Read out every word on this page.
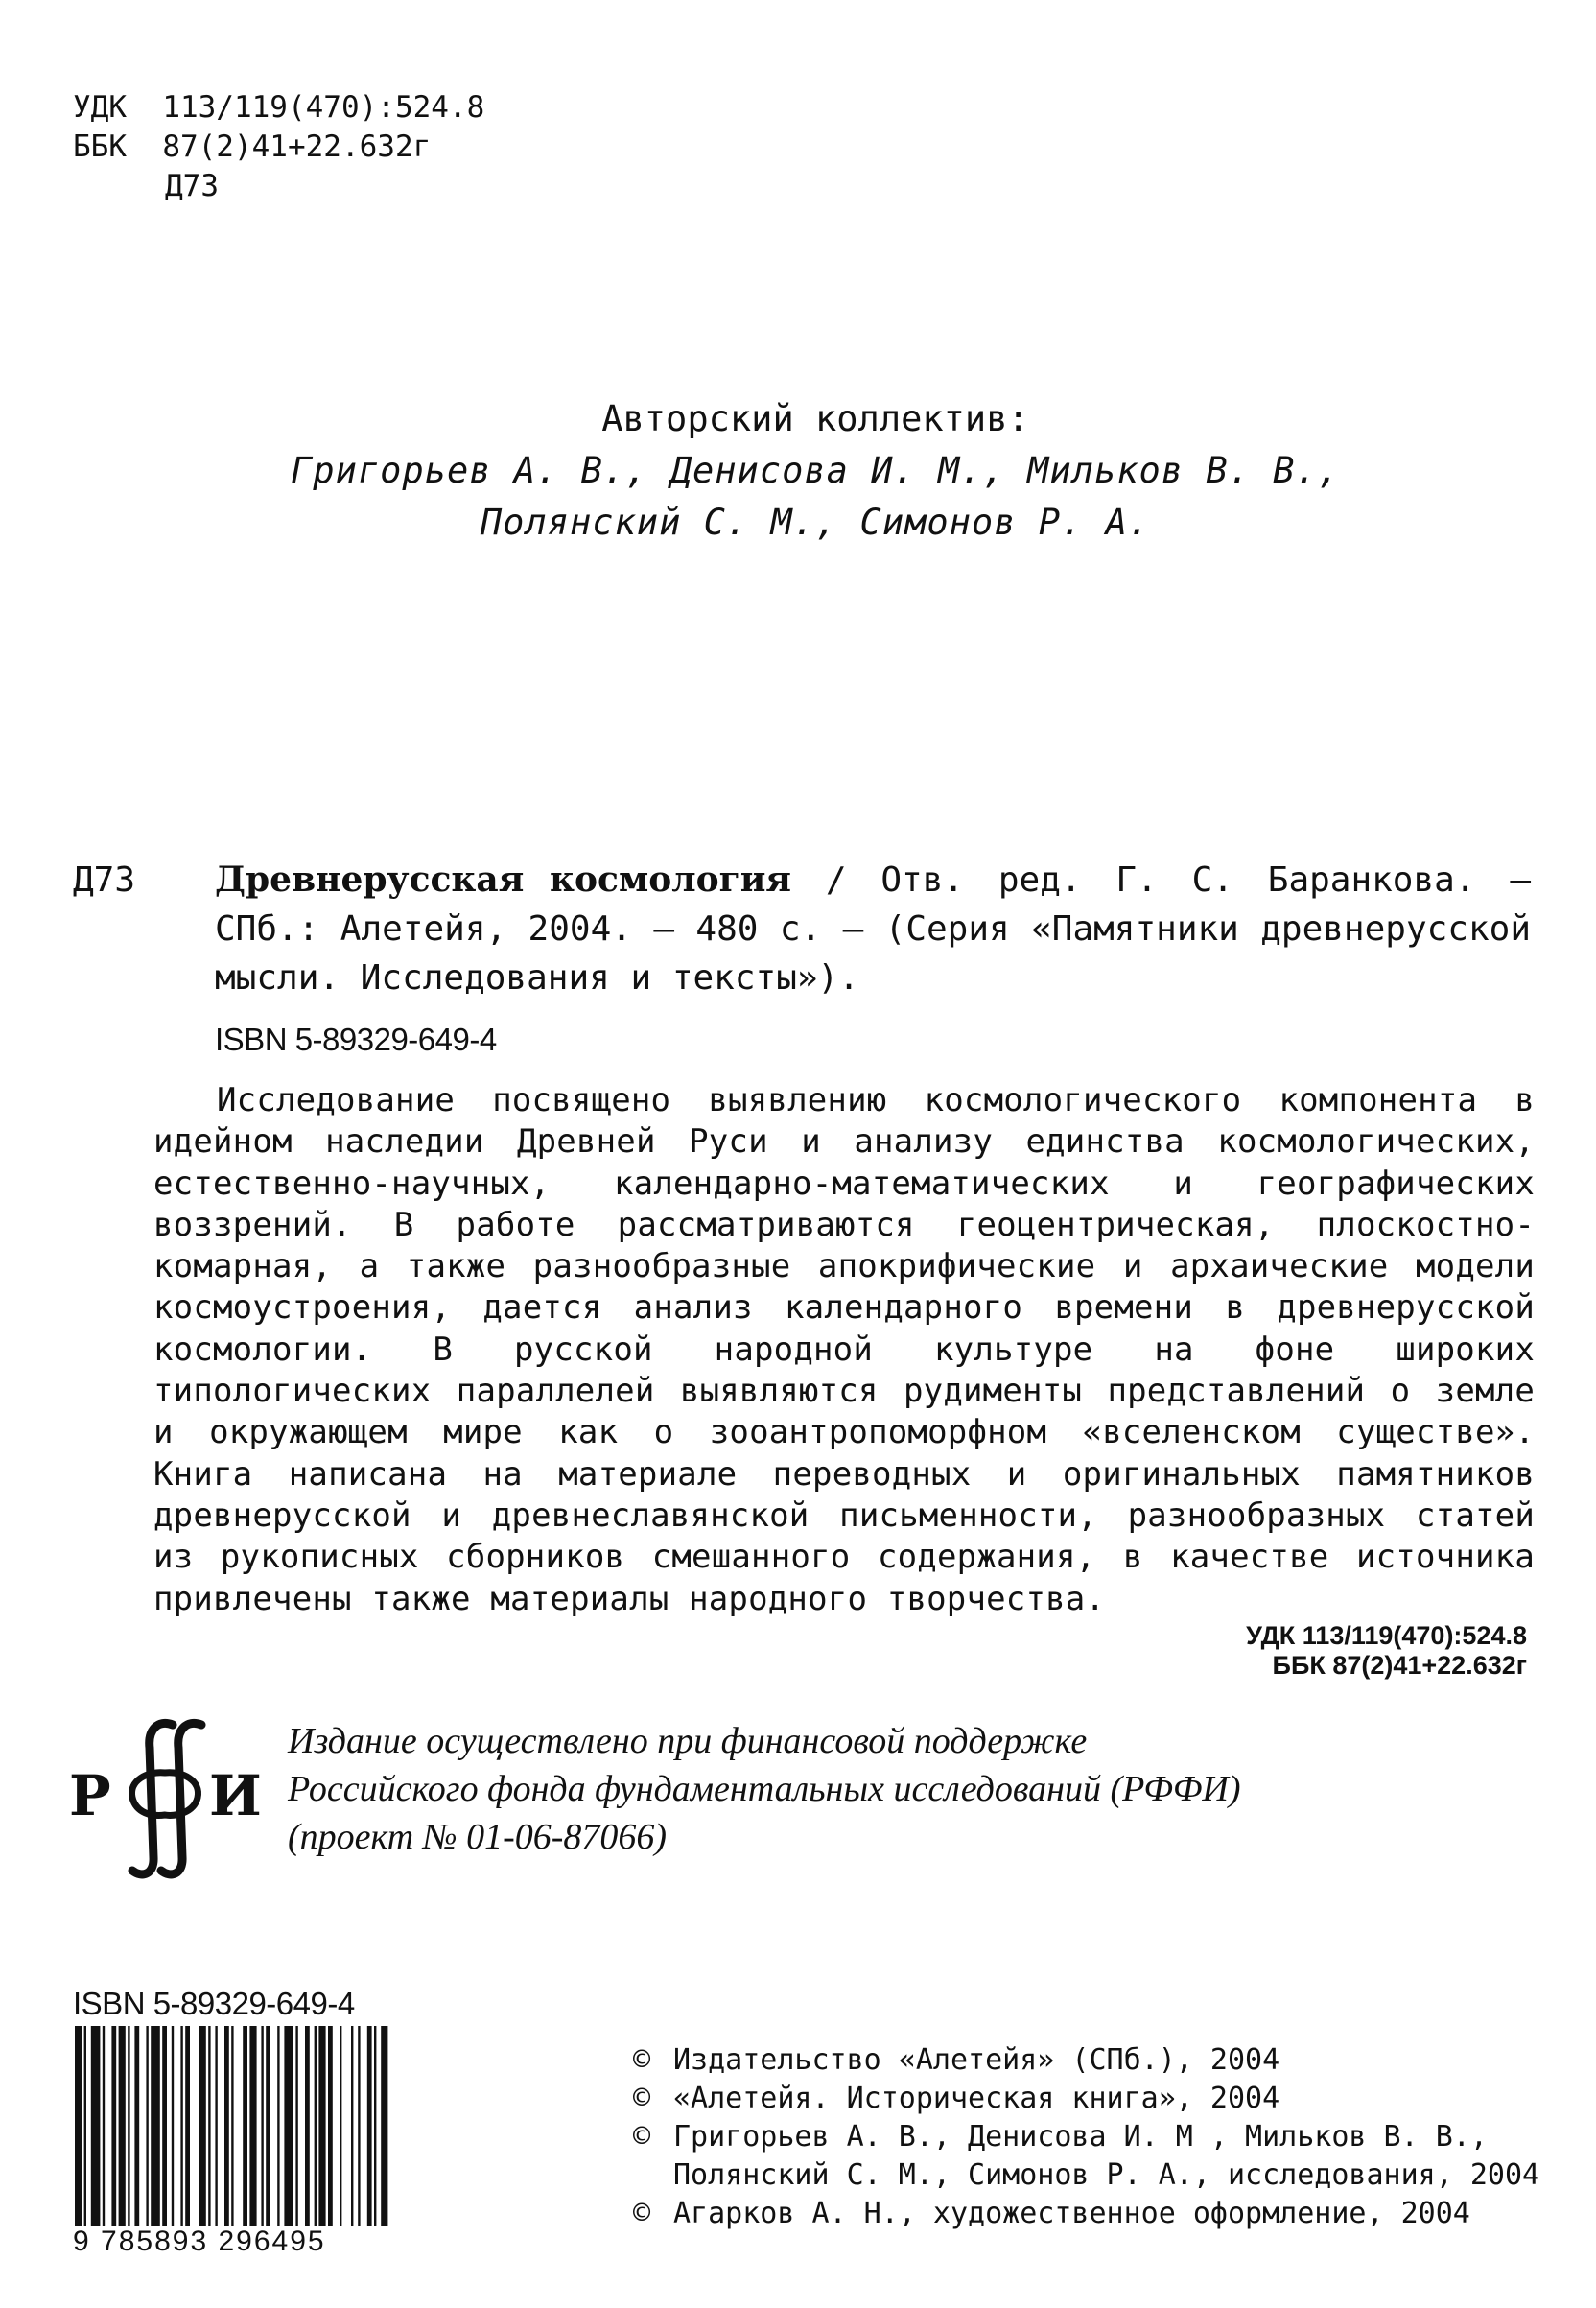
УДК  113/119(470):524.8
ББК  87(2)41+22.632г
Д73
Авторский коллектив:
Григорьев А. В., Денисова И. М., Мильков В. В.,
Полянский С. М., Симонов Р. А.
Д73 Древнерусская космология / Отв. ред. Г. С. Баранкова. — СПб.: Алетейя, 2004. — 480 с. — (Серия «Памятники древнерусской мысли. Исследования и тексты»).
ISBN 5-89329-649-4

Исследование посвящено выявлению космологического компонента в идейном наследии Древней Руси и анализу единства космологических, естественно-научных, календарно-математических и географических воззрений. В работе рассматриваются геоцентрическая, плоскостно-комарная, а также разнообразные апокрифические и архаические модели космоустроения, дается анализ календарного времени в древнерусской космологии. В русской народной культуре на фоне широких типологических параллелей выявляются рудименты представлений о земле и окружающем мире как о зооантропоморфном «вселенском существе». Книга написана на материале переводных и оригинальных памятников древнерусской и древнеславянской письменности, разнообразных статей из рукописных сборников смешанного содержания, в качестве источника привлечены также материалы народного творчества.

УДК 113/119(470):524.8
ББК 87(2)41+22.632г
Р И
Издание осуществлено при финансовой поддержке
Российского фонда фундаментальных исследований (РФФИ)
(проект № 01-06-87066)
ISBN 5-89329-649-4
9 785893 296495
© Издательство «Алетейя» (СПб.), 2004
© «Алетейя. Историческая книга», 2004
© Григорьев А. В., Денисова И. М , Мильков В. В.,
Полянский С. М., Симонов Р. А., исследования, 2004
© Агарков А. Н., художественное оформление, 2004
